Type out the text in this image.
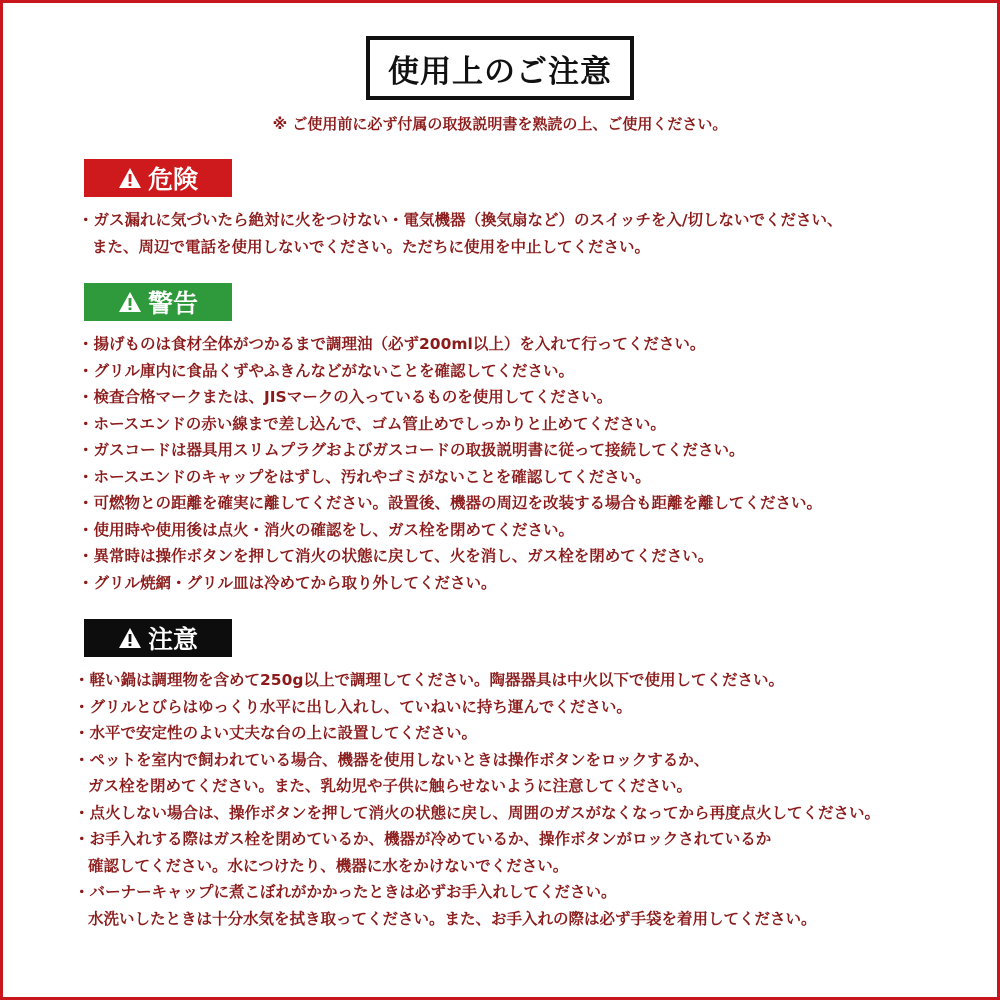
使用上のご注意
※ ご使用前に必ず付属の取扱説明書を熟読の上、ご使用ください。
危険
・ガス漏れに気づいたら絶対に火をつけない・電気機器（換気扇など）のスイッチを入/切しないでください、
また、周辺で電話を使用しないでください。ただちに使用を中止してください。
警告
・揚げものは食材全体がつかるまで調理油（必ず200ml以上）を入れて行ってください。
・グリル庫内に食品くずやふきんなどがないことを確認してください。
・検査合格マークまたは、JISマークの入っているものを使用してください。
・ホースエンドの赤い線まで差し込んで、ゴム管止めでしっかりと止めてください。
・ガスコードは器具用スリムプラグおよびガスコードの取扱説明書に従って接続してください。
・ホースエンドのキャップをはずし、汚れやゴミがないことを確認してください。
・可燃物との距離を確実に離してください。設置後、機器の周辺を改装する場合も距離を離してください。
・使用時や使用後は点火・消火の確認をし、ガス栓を閉めてください。
・異常時は操作ボタンを押して消火の状態に戻して、火を消し、ガス栓を閉めてください。
・グリル焼網・グリル皿は冷めてから取り外してください。
注意
・軽い鍋は調理物を含めて250g以上で調理してください。陶器器具は中火以下で使用してください。
・グリルとびらはゆっくり水平に出し入れし、ていねいに持ち運んでください。
・水平で安定性のよい丈夫な台の上に設置してください。
・ペットを室内で飼われている場合、機器を使用しないときは操作ボタンをロックするか、
ガス栓を閉めてください。また、乳幼児や子供に触らせないように注意してください。
・点火しない場合は、操作ボタンを押して消火の状態に戻し、周囲のガスがなくなってから再度点火してください。
・お手入れする際はガス栓を閉めているか、機器が冷めているか、操作ボタンがロックされているか
確認してください。水につけたり、機器に水をかけないでください。
・バーナーキャップに煮こぼれがかかったときは必ずお手入れしてください。
水洗いしたときは十分水気を拭き取ってください。また、お手入れの際は必ず手袋を着用してください。
